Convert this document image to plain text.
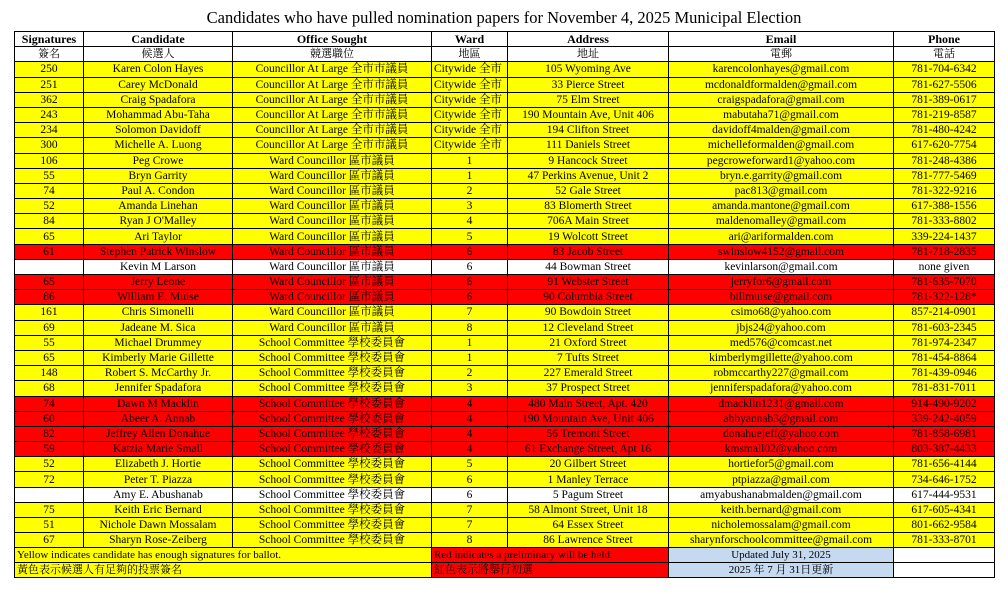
Candidates who have pulled nomination papers for November 4, 2025 Municipal Election
Signatures	Candidate	Office Sought	Ward	Address	Email	Phone
簽名	候選人	競選職位	地區	地址	電郵	電話
250	Karen Colon Hayes	Councillor At Large 全市市議員	Citywide 全市	105 Wyoming Ave	karencolonhayes@gmail.com	781-704-6342
251	Carey McDonald	Councillor At Large 全市市議員	Citywide 全市	33 Pierce Street	mcdonaldformalden@gmail.com	781-627-5506
362	Craig Spadafora	Councillor At Large 全市市議員	Citywide 全市	75 Elm Street	craigspadafora@gmail.com	781-389-0617
243	Mohammad Abu-Taha	Councillor At Large 全市市議員	Citywide 全市	190 Mountain Ave, Unit 406	mabutaha71@gmail.com	781-219-8587
234	Solomon Davidoff	Councillor At Large 全市市議員	Citywide 全市	194 Clifton Street	davidoff4malden@gmail.com	781-480-4242
300	Michelle A. Luong	Councillor At Large 全市市議員	Citywide 全市	111 Daniels Street	michelleformalden@gmail.com	617-620-7754
106	Peg Crowe	Ward Councillor 區市議員	1	9 Hancock Street	pegcroweforward1@yahoo.com	781-248-4386
55	Bryn Garrity	Ward Councillor 區市議員	1	47 Perkins Avenue, Unit 2	bryn.e.garrity@gmail.com	781-777-5469
74	Paul A. Condon	Ward Councillor 區市議員	2	52 Gale Street	pac813@gmail.com	781-322-9216
52	Amanda Linehan	Ward Councillor 區市議員	3	83 Blomerth Street	amanda.mantone@gmail.com	617-388-1556
84	Ryan J O'Malley	Ward Councillor 區市議員	4	706A Main Street	maldenomalley@gmail.com	781-333-8802
65	Ari Taylor	Ward Councillor 區市議員	5	19 Wolcott Street	ari@ariformalden.com	339-224-1437
61	Stephen Patrick Winslow	Ward Councillor 區市議員	6	83 Jacob Street	swinslow4152@gmail.com	781-718-2835
	Kevin M Larson	Ward Councillor 區市議員	6	44 Bowman Street	kevinlarson@gmail.com	none given
65	Jerry Leone	Ward Councillor 區市議員	6	91 Webster Street	jerryfor6@gmail.com	781-635-7070
86	William E. Muise	Ward Councillor 區市議員	6	90 Columbia Street	billmuise@gmail.com	781-322-128*
161	Chris Simonelli	Ward Councillor 區市議員	7	90 Bowdoin Street	csimo68@yahoo.com	857-214-0901
69	Jadeane M. Sica	Ward Councillor 區市議員	8	12 Cleveland Street	jbjs24@yahoo.com	781-603-2345
55	Michael Drummey	School Committee 學校委員會	1	21 Oxford Street	med576@comcast.net	781-974-2347
65	Kimberly Marie Gillette	School Committee 學校委員會	1	7 Tufts Street	kimberlymgillette@yahoo.com	781-454-8864
148	Robert S. McCarthy Jr.	School Committee 學校委員會	2	227 Emerald Street	robmccarthy227@gmail.com	781-439-0946
68	Jennifer Spadafora	School Committee 學校委員會	3	37 Prospect Street	jenniferspadafora@yahoo.com	781-831-7011
74	Dawn M Macklin	School Committee 學校委員會	4	480 Main Street, Apt. 420	dmacklin1231@gmail.com	914-490-9202
60	Abeer A. Annab	School Committee 學校委員會	4	190 Mountain Ave, Unit 406	abbyannab3@gmail.com	339-242-4059
82	Jeffrey Allen Donahue	School Committee 學校委員會	4	56 Tremont Street	donahuejeff@yahoo.com	781-858-6981
59	Katzia Marie Small	School Committee 學校委員會	4	61 Exchange Street, Apt 16	kmsmall02@yahoo.com	803-387-4433
52	Elizabeth J. Hortie	School Committee 學校委員會	5	20 Gilbert Street	hortiefor5@gmail.com	781-656-4144
72	Peter T. Piazza	School Committee 學校委員會	6	1 Manley Terrace	ptpiazza@gmail.com	734-646-1752
	Amy E. Abushanab	School Committee 學校委員會	6	5 Pagum Street	amyabushanabmalden@gmail.com	617-444-9531
75	Keith Eric Bernard	School Committee 學校委員會	7	58 Almont Street, Unit 18	keith.bernard@gmail.com	617-605-4341
51	Nichole Dawn Mossalam	School Committee 學校委員會	7	64 Essex Street	nicholemossalam@gmail.com	801-662-9584
67	Sharyn Rose-Zeiberg	School Committee 學校委員會	8	86 Lawrence Street	sharynforschoolcommittee@gmail.com	781-333-8701
Yellow indicates candidate has enough signatures for ballot.			Red indicates a preliminary will be held.		Updated July 31, 2025	
黃色表示候選人有足夠的投票簽名			紅色表示將舉行初選		2025 年 7 月 31日更新	
